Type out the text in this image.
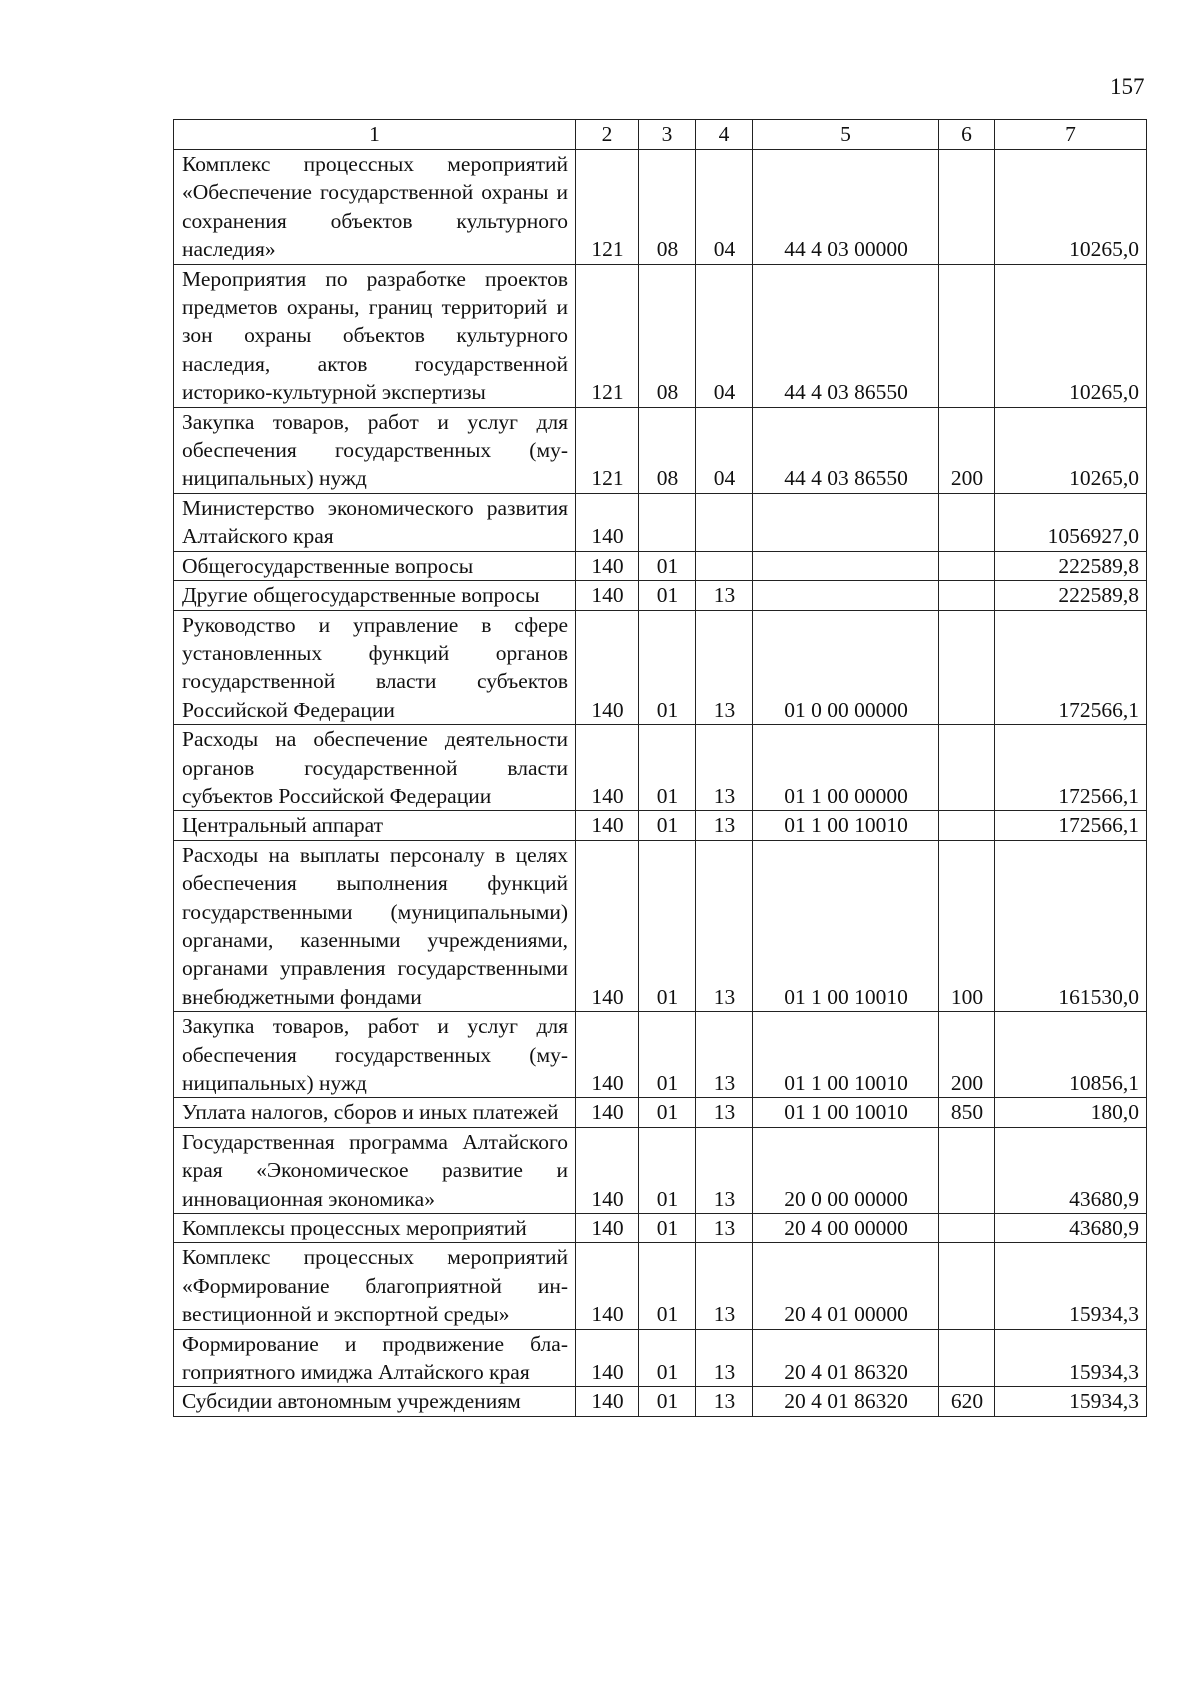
157
1	2	3	4	5	6	7
Комплекс процессных мероприятий «Обеспечение государственной охраны и сохранения объектов культурного наследия»	121	08	04	44 4 03 00000		10265,0
Мероприятия по разработке проектов предметов охраны, границ территорий и зон охраны объектов культурного наследия, актов государственной историко-культурной экспертизы	121	08	04	44 4 03 86550		10265,0
Закупка товаров, работ и услуг для обеспечения государственных (муниципальных) нужд	121	08	04	44 4 03 86550	200	10265,0
Министерство экономического развития Алтайского края	140					1056927,0
Общегосударственные вопросы	140	01				222589,8
Другие общегосударственные вопросы	140	01	13			222589,8
Руководство и управление в сфере установленных функций органов государственной власти субъектов Российской Федерации	140	01	13	01 0 00 00000		172566,1
Расходы на обеспечение деятельности органов государственной власти субъектов Российской Федерации	140	01	13	01 1 00 00000		172566,1
Центральный аппарат	140	01	13	01 1 00 10010		172566,1
Расходы на выплаты персоналу в целях обеспечения выполнения функций государственными (муниципальными) органами, казенными учреждениями, органами управления государственными внебюджетными фондами	140	01	13	01 1 00 10010	100	161530,0
Закупка товаров, работ и услуг для обеспечения государственных (муниципальных) нужд	140	01	13	01 1 00 10010	200	10856,1
Уплата налогов, сборов и иных платежей	140	01	13	01 1 00 10010	850	180,0
Государственная программа Алтайского края «Экономическое развитие и инновационная экономика»	140	01	13	20 0 00 00000		43680,9
Комплексы процессных мероприятий	140	01	13	20 4 00 00000		43680,9
Комплекс процессных мероприятий «Формирование благоприятной инвестиционной и экспортной среды»	140	01	13	20 4 01 00000		15934,3
Формирование и продвижение благоприятного имиджа Алтайского края	140	01	13	20 4 01 86320		15934,3
Субсидии автономным учреждениям	140	01	13	20 4 01 86320	620	15934,3
